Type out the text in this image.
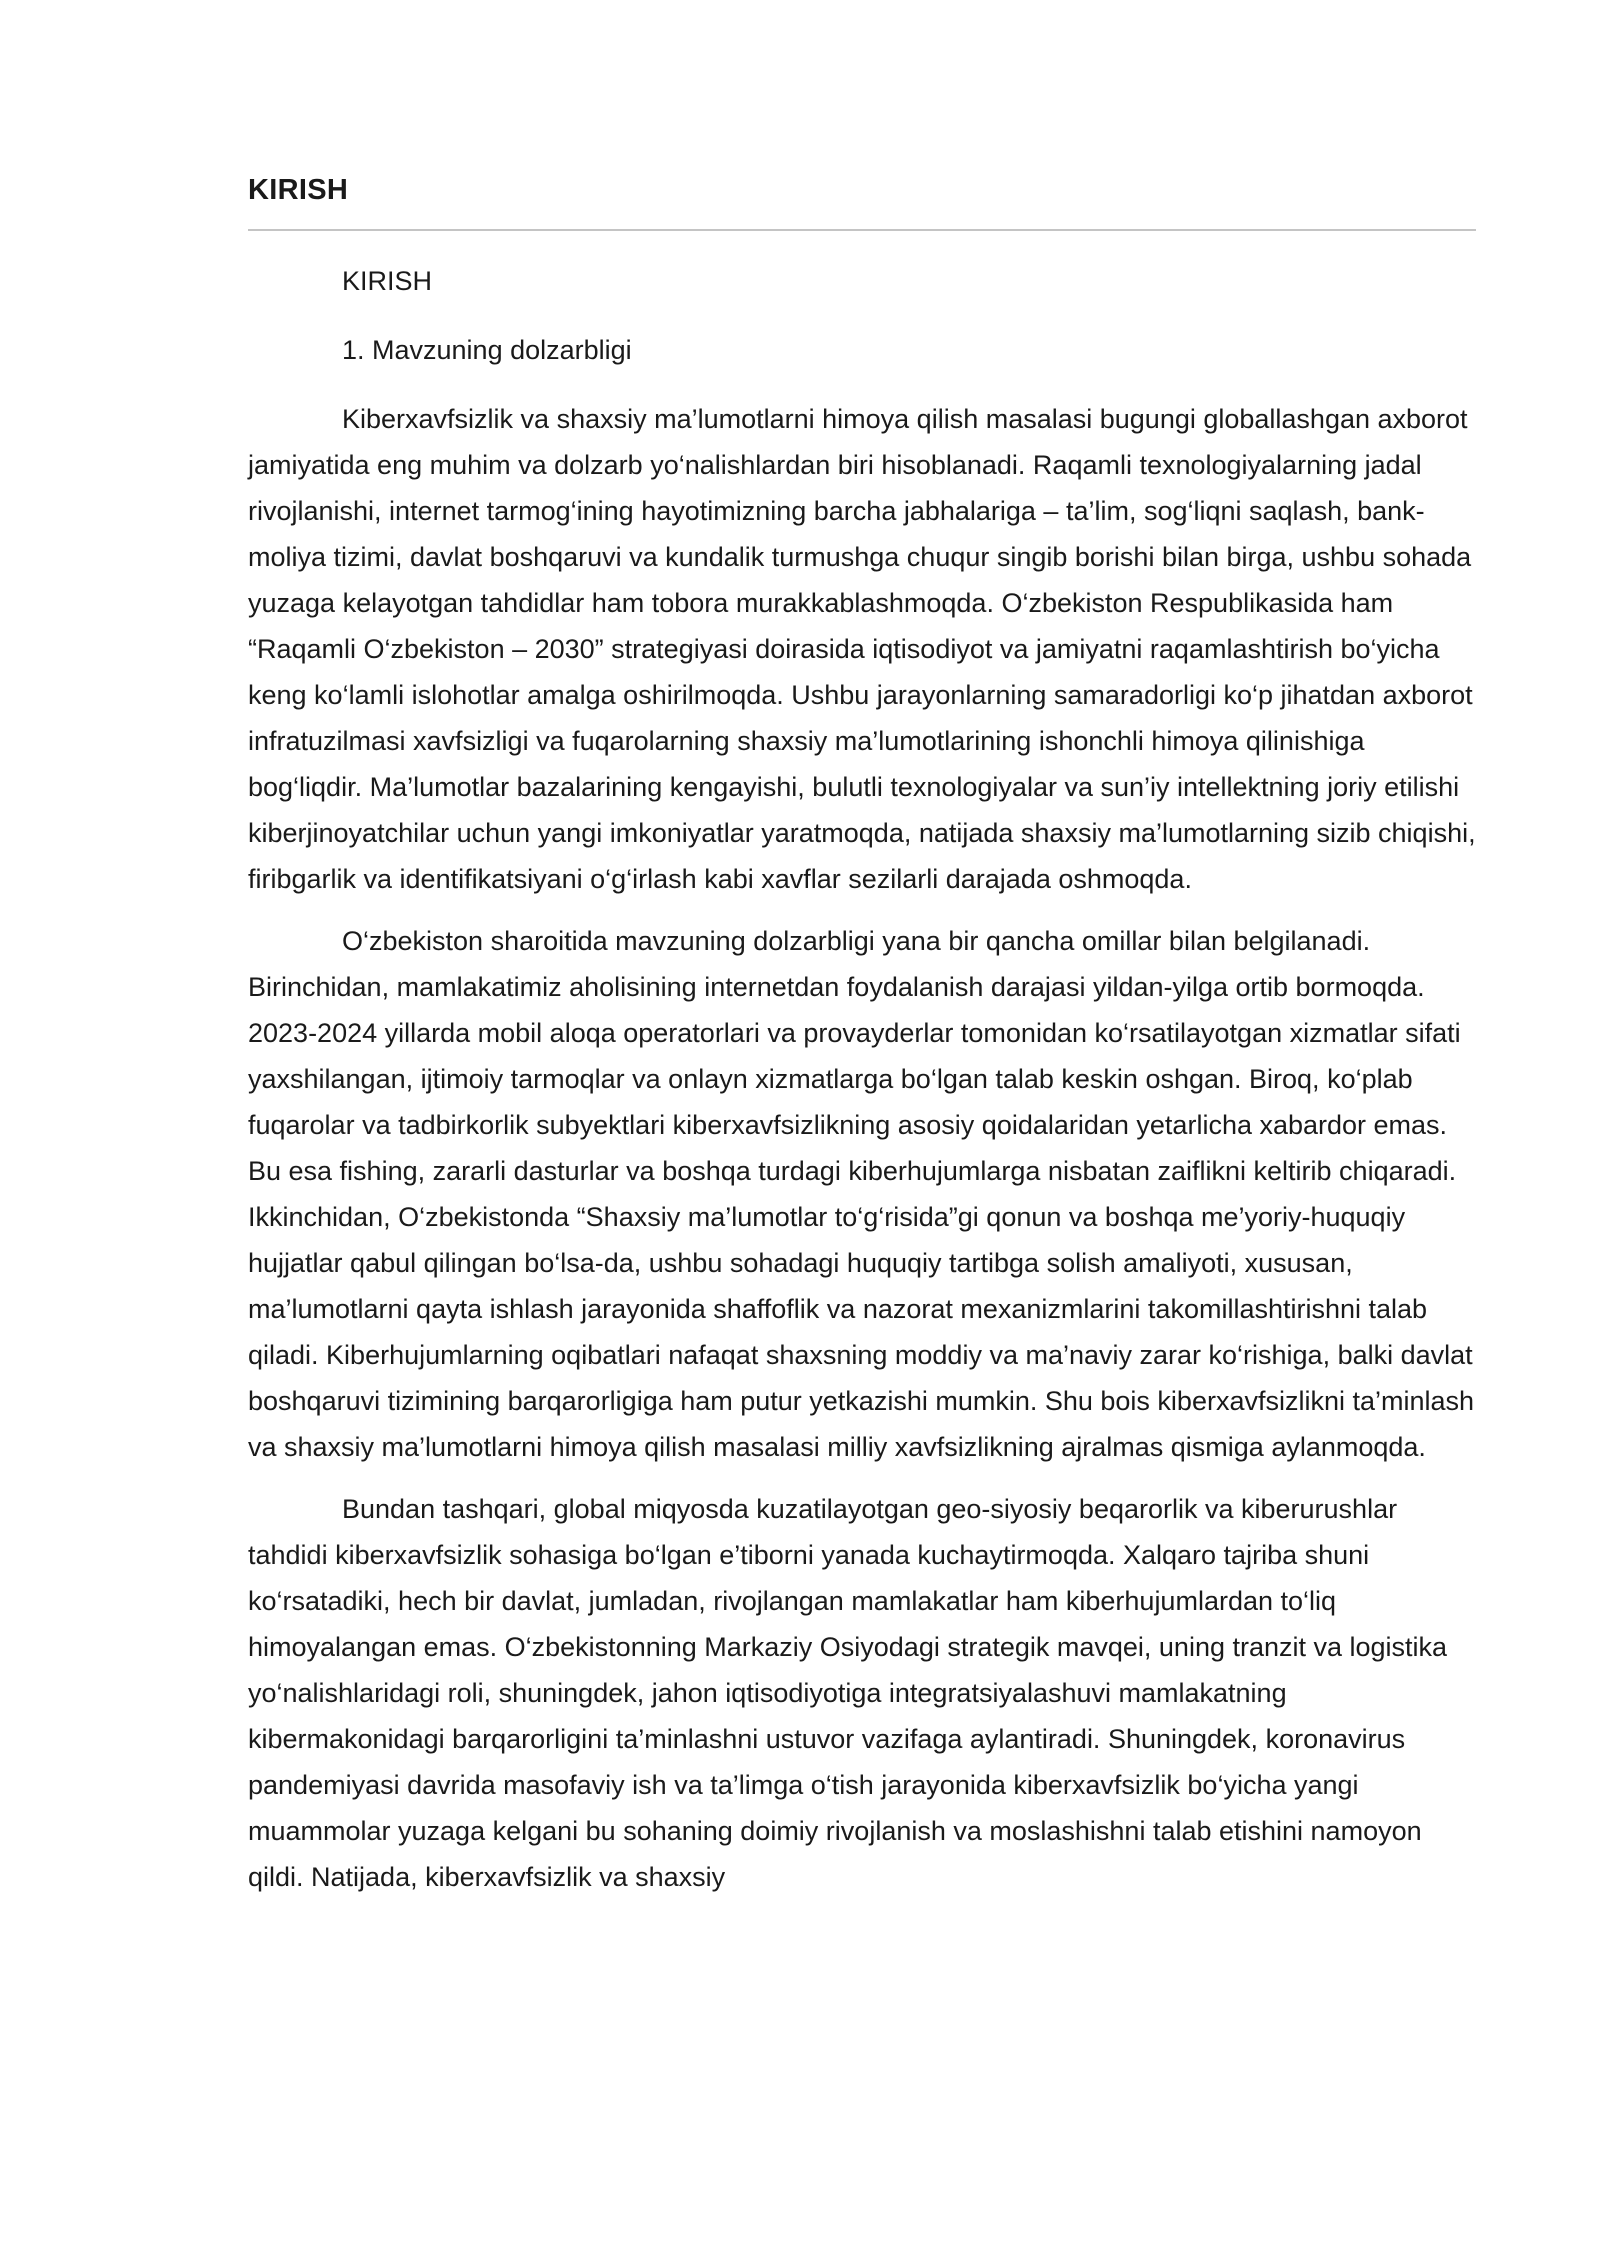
KIRISH

KIRISH

1. Mavzuning dolzarbligi

Kiberxavfsizlik va shaxsiy ma’lumotlarni himoya qilish masalasi bugungi globallashgan axborot jamiyatida eng muhim va dolzarb yo‘nalishlardan biri hisoblanadi. Raqamli texnologiyalarning jadal rivojlanishi, internet tarmog‘ining hayotimizning barcha jabhalariga – ta’lim, sog‘liqni saqlash, bank-moliya tizimi, davlat boshqaruvi va kundalik turmushga chuqur singib borishi bilan birga, ushbu sohada yuzaga kelayotgan tahdidlar ham tobora murakkablashmoqda. O‘zbekiston Respublikasida ham “Raqamli O‘zbekiston – 2030” strategiyasi doirasida iqtisodiyot va jamiyatni raqamlashtirish bo‘yicha keng ko‘lamli islohotlar amalga oshirilmoqda. Ushbu jarayonlarning samaradorligi ko‘p jihatdan axborot infratuzilmasi xavfsizligi va fuqarolarning shaxsiy ma’lumotlarining ishonchli himoya qilinishiga bog‘liqdir. Ma’lumotlar bazalarining kengayishi, bulutli texnologiyalar va sun’iy intellektning joriy etilishi kiberjinoyatchilar uchun yangi imkoniyatlar yaratmoqda, natijada shaxsiy ma’lumotlarning sizib chiqishi, firibgarlik va identifikatsiyani o‘g‘irlash kabi xavflar sezilarli darajada oshmoqda.

O‘zbekiston sharoitida mavzuning dolzarbligi yana bir qancha omillar bilan belgilanadi. Birinchidan, mamlakatimiz aholisining internetdan foydalanish darajasi yildan-yilga ortib bormoqda. 2023-2024 yillarda mobil aloqa operatorlari va provayderlar tomonidan ko‘rsatilayotgan xizmatlar sifati yaxshilangan, ijtimoiy tarmoqlar va onlayn xizmatlarga bo‘lgan talab keskin oshgan. Biroq, ko‘plab fuqarolar va tadbirkorlik subyektlari kiberxavfsizlikning asosiy qoidalaridan yetarlicha xabardor emas. Bu esa fishing, zararli dasturlar va boshqa turdagi kiberhujumlarga nisbatan zaiflikni keltirib chiqaradi. Ikkinchidan, O‘zbekistonda “Shaxsiy ma’lumotlar to‘g‘risida”gi qonun va boshqa me’yoriy-huquqiy hujjatlar qabul qilingan bo‘lsa-da, ushbu sohadagi huquqiy tartibga solish amaliyoti, xususan, ma’lumotlarni qayta ishlash jarayonida shaffoflik va nazorat mexanizmlarini takomillashtirishni talab qiladi. Kiberhujumlarning oqibatlari nafaqat shaxsning moddiy va ma’naviy zarar ko‘rishiga, balki davlat boshqaruvi tizimining barqarorligiga ham putur yetkazishi mumkin. Shu bois kiberxavfsizlikni ta’minlash va shaxsiy ma’lumotlarni himoya qilish masalasi milliy xavfsizlikning ajralmas qismiga aylanmoqda.

Bundan tashqari, global miqyosda kuzatilayotgan geo-siyosiy beqarorlik va kiberurushlar tahdidi kiberxavfsizlik sohasiga bo‘lgan e’tiborni yanada kuchaytirmoqda. Xalqaro tajriba shuni ko‘rsatadiki, hech bir davlat, jumladan, rivojlangan mamlakatlar ham kiberhujumlardan to‘liq himoyalangan emas. O‘zbekistonning Markaziy Osiyodagi strategik mavqei, uning tranzit va logistika yo‘nalishlaridagi roli, shuningdek, jahon iqtisodiyotiga integratsiyalashuvi mamlakatning kibermakonidagi barqarorligini ta’minlashni ustuvor vazifaga aylantiradi. Shuningdek, koronavirus pandemiyasi davrida masofaviy ish va ta’limga o‘tish jarayonida kiberxavfsizlik bo‘yicha yangi muammolar yuzaga kelgani bu sohaning doimiy rivojlanish va moslashishni talab etishini namoyon qildi. Natijada, kiberxavfsizlik va shaxsiy
